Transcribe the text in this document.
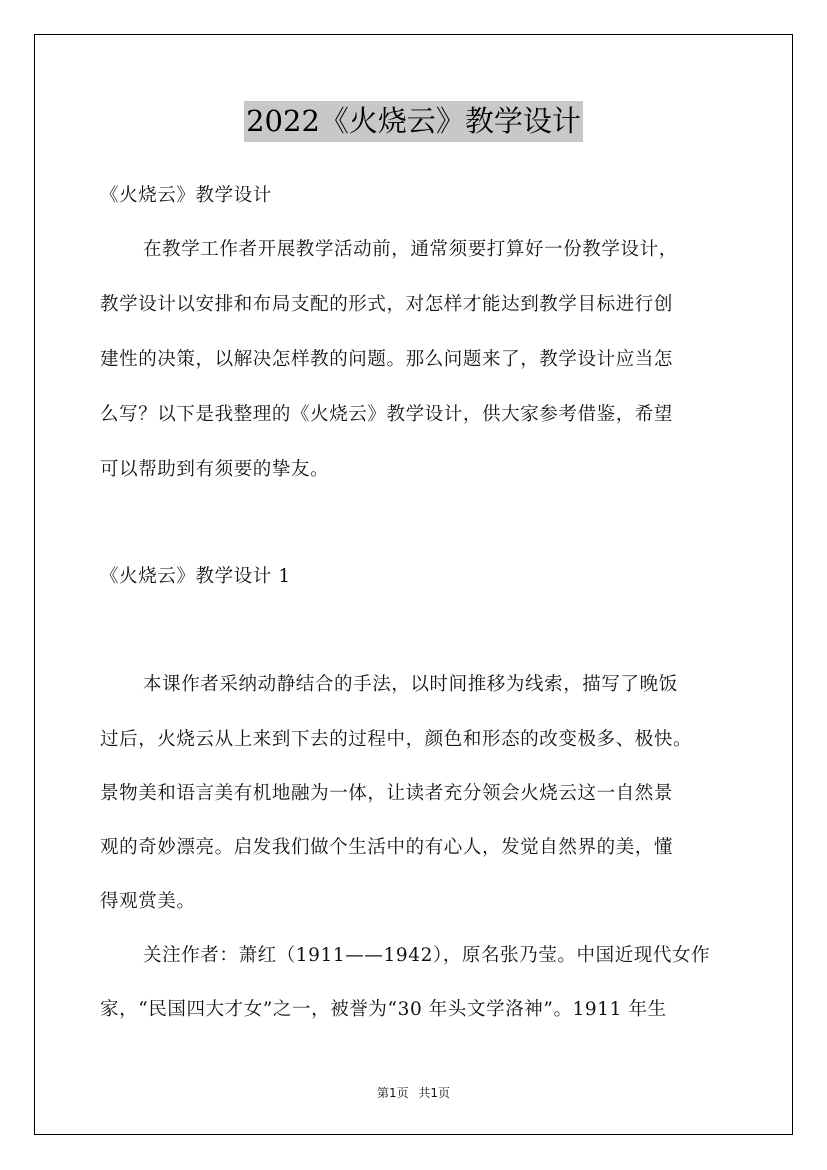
2022《火烧云》教学设计
《火烧云》教学设计
在教学工作者开展教学活动前，通常须要打算好一份教学设计，
教学设计以安排和布局支配的形式，对怎样才能达到教学目标进行创
建性的决策，以解决怎样教的问题。那么问题来了，教学设计应当怎
么写？以下是我整理的《火烧云》教学设计，供大家参考借鉴，希望
可以帮助到有须要的挚友。
《火烧云》教学设计 1
本课作者采纳动静结合的手法，以时间推移为线索，描写了晚饭
过后，火烧云从上来到下去的过程中，颜色和形态的改变极多、极快。
景物美和语言美有机地融为一体，让读者充分领会火烧云这一自然景
观的奇妙漂亮。启发我们做个生活中的有心人，发觉自然界的美，懂
得观赏美。
关注作者：萧红（1911——1942），原名张乃莹。中国近现代女作
家，“民国四大才女”之一，被誉为“30 年头文学洛神”。1911 年生
第1页 共1页
